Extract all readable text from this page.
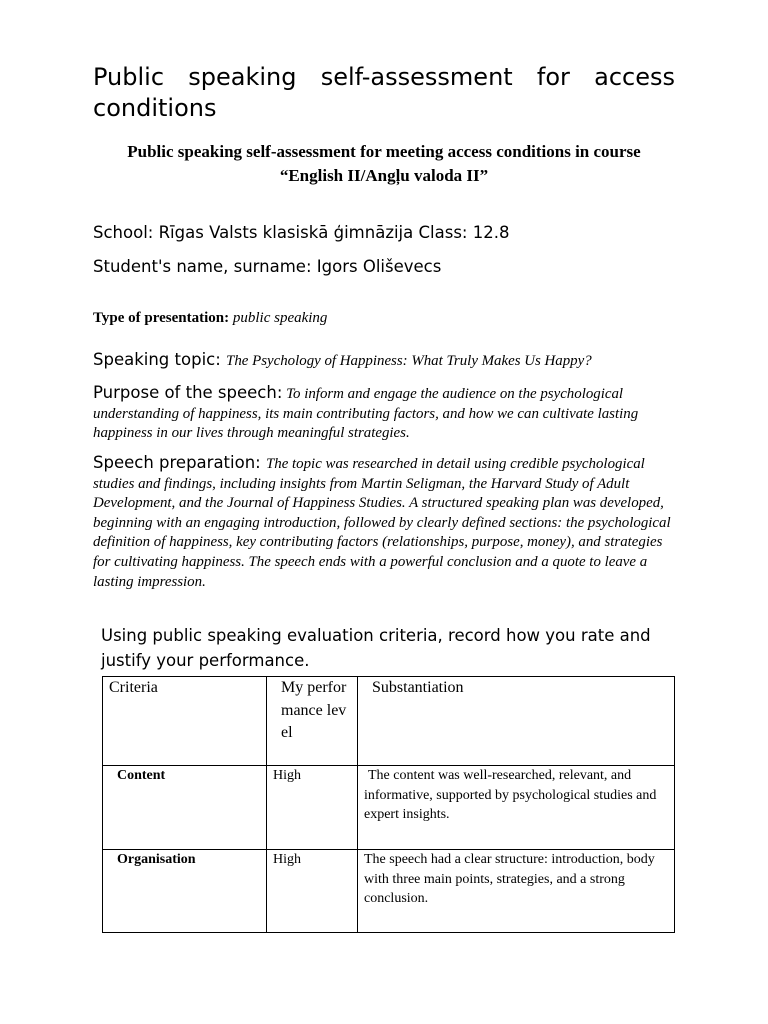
Public speaking self-assessment for access conditions
Public speaking self-assessment for meeting access conditions in course
“English II/Angļu valoda II”
School: Rīgas Valsts klasiskā ģimnāzija Class: 12.8
Student's name, surname: Igors Oliševecs
Type of presentation: public speaking

Speaking topic: The Psychology of Happiness: What Truly Makes Us Happy?

Purpose of the speech: To inform and engage the audience on the psychological understanding of happiness, its main contributing factors, and how we can cultivate lasting happiness in our lives through meaningful strategies.

Speech preparation: The topic was researched in detail using credible psychological studies and findings, including insights from Martin Seligman, the Harvard Study of Adult Development, and the Journal of Happiness Studies. A structured speaking plan was developed, beginning with an engaging introduction, followed by clearly defined sections: the psychological definition of happiness, key contributing factors (relationships, purpose, money), and strategies for cultivating happiness. The speech ends with a powerful conclusion and a quote to leave a lasting impression.

Using public speaking evaluation criteria, record how you rate and justify your performance.

Criteria	My performance level	Substantiation

Content	High	The content was well-researched, relevant, and informative, supported by psychological studies and expert insights.

Organisation	High	The speech had a clear structure: introduction, body with three main points, strategies, and a strong conclusion.
